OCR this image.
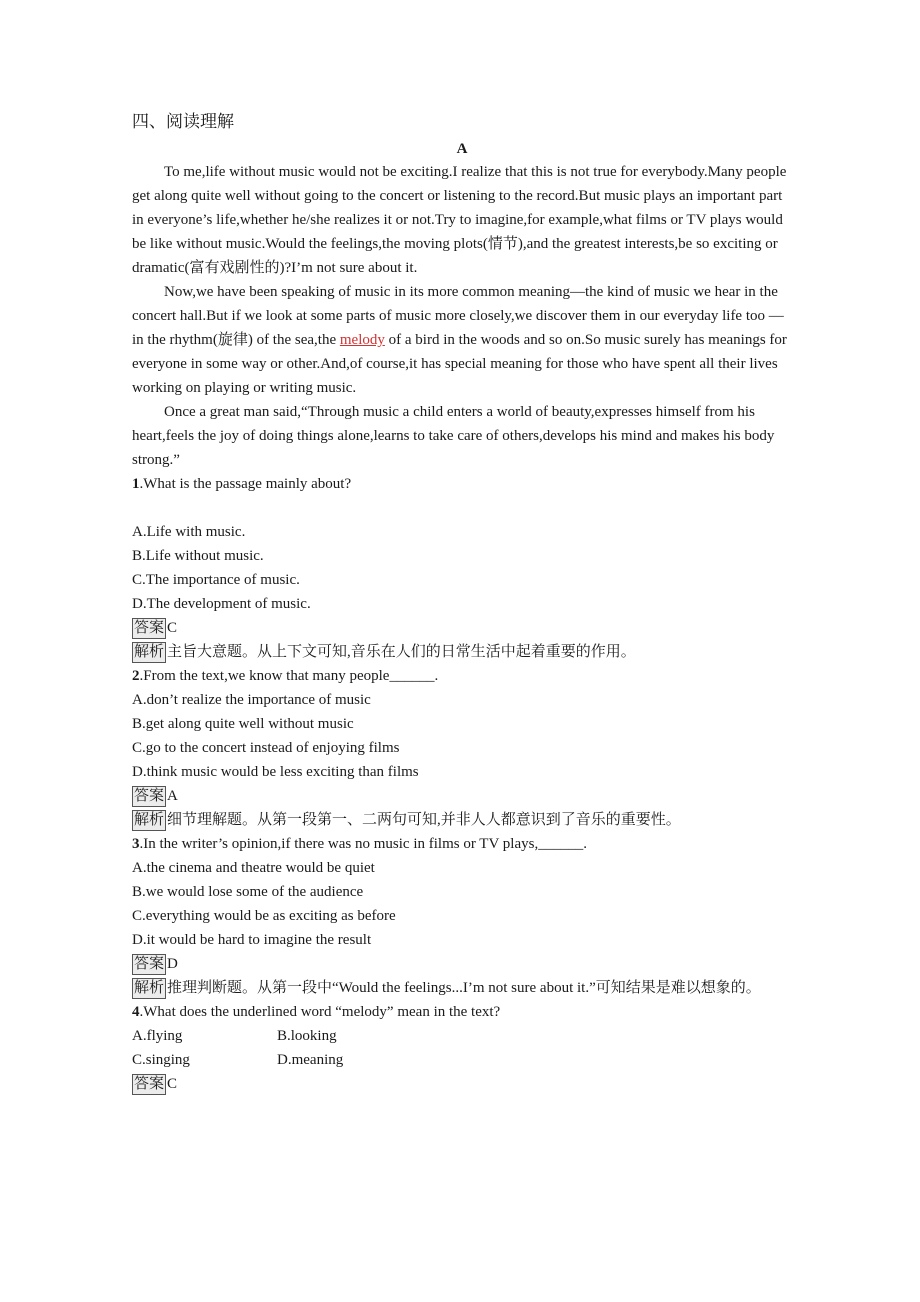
四、阅读理解
A

To me,life without music would not be exciting.I realize that this is not true for everybody.Many people get along quite well without going to the concert or listening to the record.But music plays an important part in everyone’s life,whether he/she realizes it or not.Try to imagine,for example,what films or TV plays would be like without music.Would the feelings,the moving plots(情节),and the greatest interests,be so exciting or dramatic(富有戏剧性的)?I’m not sure about it.

Now,we have been speaking of music in its more common meaning—the kind of music we hear in the concert hall.But if we look at some parts of music more closely,we discover them in our everyday life too — in the rhythm(旋律) of the sea,the melody of a bird in the woods and so on.So music surely has meanings for everyone in some way or other.And,of course,it has special meaning for those who have spent all their lives working on playing or writing music.

Once a great man said,“Through music a child enters a world of beauty,expresses himself from his heart,feels the joy of doing things alone,learns to take care of others,develops his mind and makes his body strong.”

1.What is the passage mainly about?

A.Life with music.

B.Life without music.

C.The importance of music.

D.The development of music.

答案 C

解析 主旨大意题。从上下文可知,音乐在人们的日常生活中起着重要的作用。

2.From the text,we know that many people______.

A.don’t realize the importance of music

B.get along quite well without music

C.go to the concert instead of enjoying films

D.think music would be less exciting than films

答案 A

解析 细节理解题。从第一段第一、二两句可知,并非人人都意识到了音乐的重要性。

3.In the writer’s opinion,if there was no music in films or TV plays,______.

A.the cinema and theatre would be quiet

B.we would lose some of the audience

C.everything would be as exciting as before

D.it would be hard to imagine the result

答案 D

解析 推理判断题。从第一段中“Would the feelings...I’m not sure about it.”可知结果是难以想象的。

4.What does the underlined word “melody” mean in the text?

A.flying	B.looking
C.singing	D.meaning

答案 C
